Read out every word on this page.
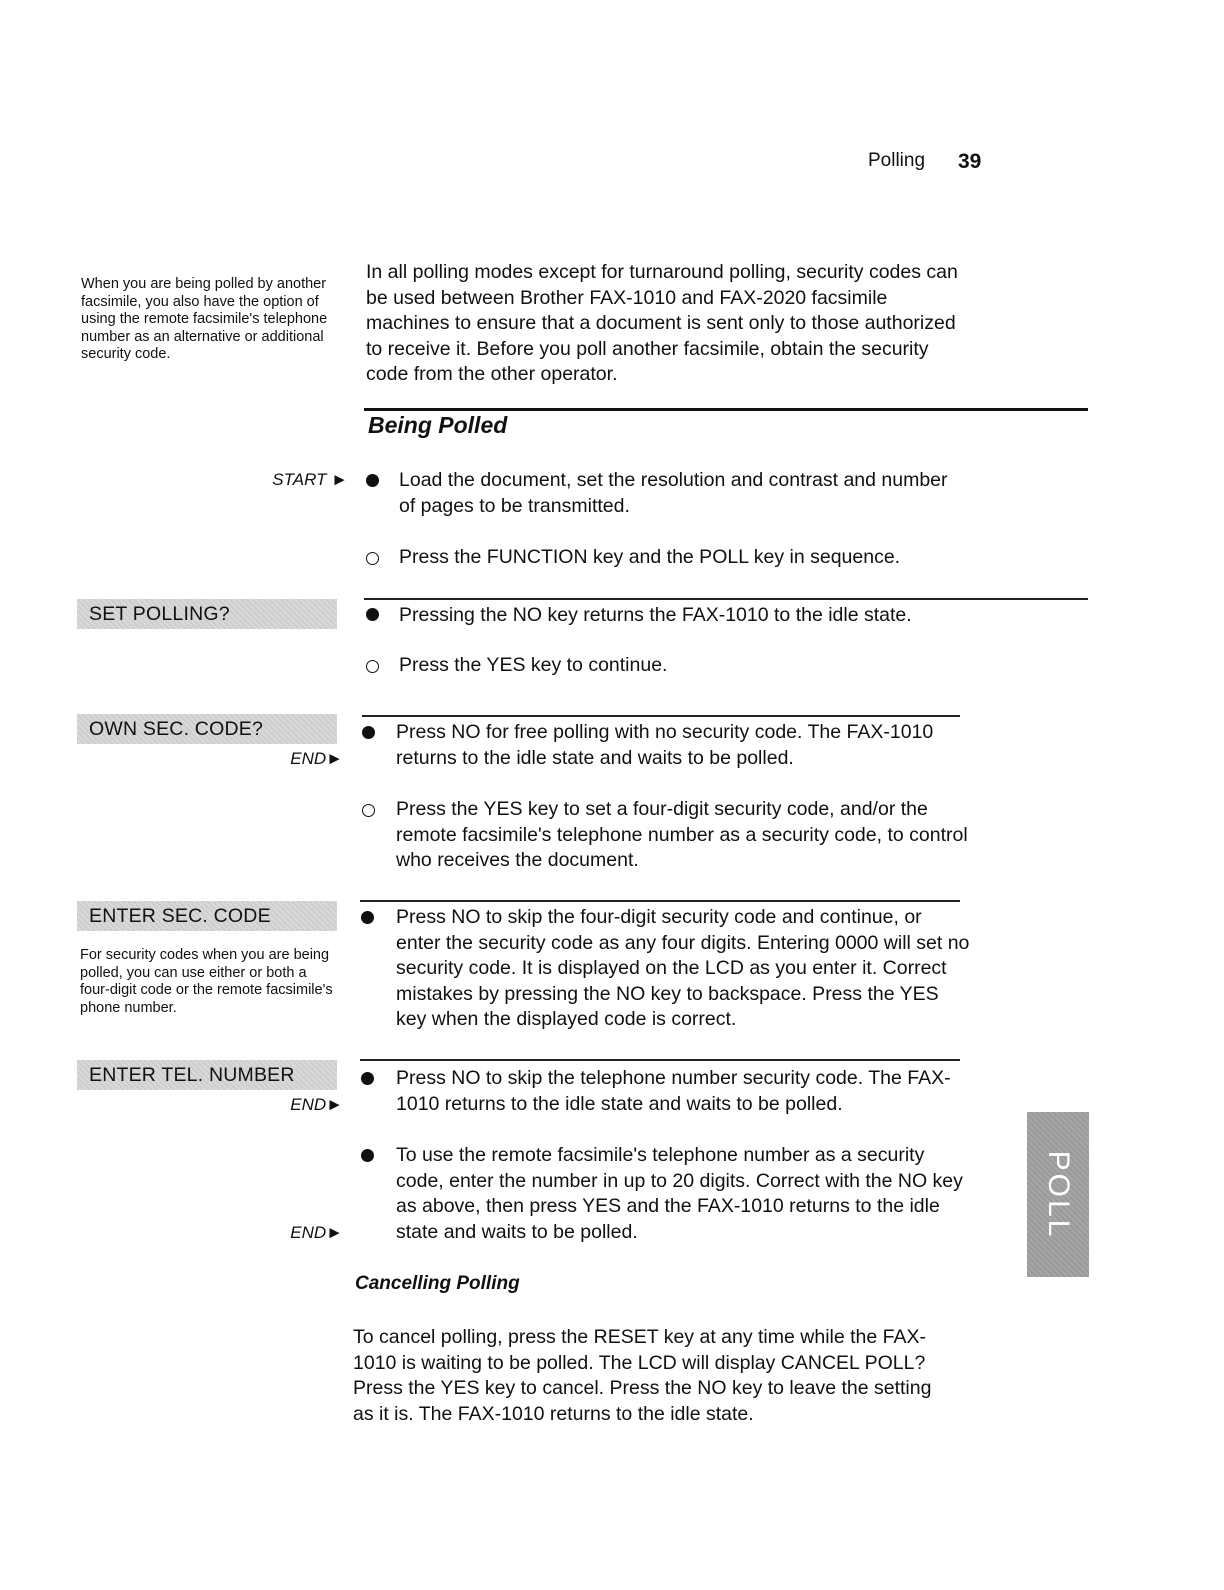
Polling 39
When you are being polled by another facsimile, you also have the option of using the remote facsimile's telephone number as an alternative or additional security code.
In all polling modes except for turnaround polling, security codes can be used between Brother FAX-1010 and FAX-2020 facsimile machines to ensure that a document is sent only to those authorized to receive it. Before you poll another facsimile, obtain the security code from the other operator.
Being Polled
START ►	Load the document, set the resolution and contrast and number of pages to be transmitted.
Press the FUNCTION key and the POLL key in sequence.
SET POLLING?	Pressing the NO key returns the FAX-1010 to the idle state.
Press the YES key to continue.
OWN SEC. CODE?
END►
Press NO for free polling with no security code. The FAX-1010 returns to the idle state and waits to be polled.
Press the YES key to set a four-digit security code, and/or the remote facsimile's telephone number as a security code, to control who receives the document.
ENTER SEC. CODE
For security codes when you are being polled, you can use either or both a four-digit code or the remote facsimile's phone number.
Press NO to skip the four-digit security code and continue, or enter the security code as any four digits. Entering 0000 will set no security code. It is displayed on the LCD as you enter it. Correct mistakes by pressing the NO key to backspace. Press the YES key when the displayed code is correct.
ENTER TEL. NUMBER
END►
Press NO to skip the telephone number security code. The FAX-1010 returns to the idle state and waits to be polled.
To use the remote facsimile's telephone number as a security code, enter the number in up to 20 digits. Correct with the NO key as above, then press YES and the FAX-1010 returns to the idle state and waits to be polled.
END►
Cancelling Polling
To cancel polling, press the RESET key at any time while the FAX-1010 is waiting to be polled. The LCD will display CANCEL POLL? Press the YES key to cancel. Press the NO key to leave the setting as it is. The FAX-1010 returns to the idle state.
POLL
